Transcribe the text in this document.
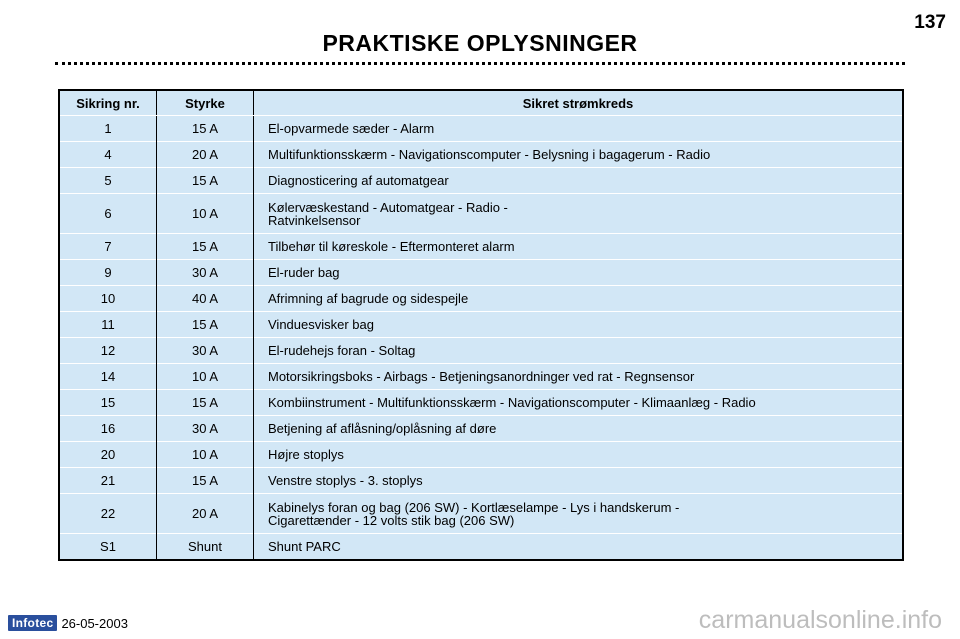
137
PRAKTISKE OPLYSNINGER
Sikring nr.	Styrke	Sikret strømkreds
1	15 A	El-opvarmede sæder - Alarm
4	20 A	Multifunktionsskærm - Navigationscomputer - Belysning i bagagerum - Radio
5	15 A	Diagnosticering af automatgear
6	10 A	Kølervæskestand - Automatgear - Radio -
Ratvinkelsensor
7	15 A	Tilbehør til køreskole - Eftermonteret alarm
9	30 A	El-ruder bag
10	40 A	Afrimning af bagrude og sidespejle
11	15 A	Vinduesvisker bag
12	30 A	El-rudehejs foran - Soltag
14	10 A	Motorsikringsboks - Airbags - Betjeningsanordninger ved rat - Regnsensor
15	15 A	Kombiinstrument - Multifunktionsskærm - Navigationscomputer - Klimaanlæg - Radio
16	30 A	Betjening af aflåsning/oplåsning af døre
20	10 A	Højre stoplys
21	15 A	Venstre stoplys - 3. stoplys
22	20 A	Kabinelys foran og bag (206 SW) - Kortlæselampe - Lys i handskerum -
Cigarettænder - 12 volts stik bag (206 SW)
S1	Shunt	Shunt PARC
Infotec 26-05-2003	carmanualsonline.info
